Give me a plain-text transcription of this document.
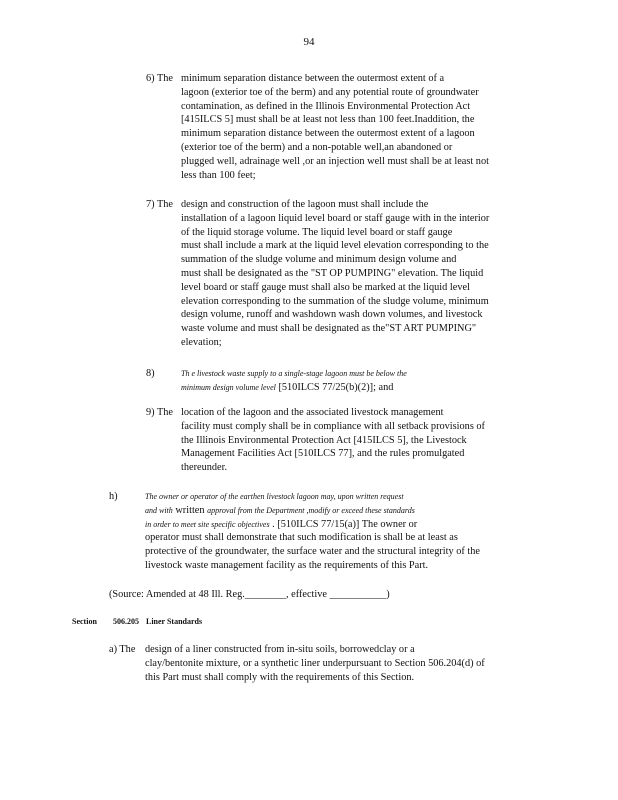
94
6) The minimum separation distance between the outermost extent of a
lagoon (exterior toe of the berm) and any potential route of groundwater
contamination, as defined in the Illinois Environmental Protection Act
[415ILCS 5] must shall be at least not less than 100 feet.Inaddition, the
minimum separation distance between the outermost extent of a lagoon
(exterior toe of the berm) and a non-potable well,an abandoned or
plugged well, adrainage well ,or an injection well must shall be at least not
less than 100 feet;
7) The design and construction of the lagoon must shall include the
installation of a lagoon liquid level board or staff gauge with in the interior
of the liquid storage volume. The liquid level board or staff gauge
must shall include a mark at the liquid level elevation corresponding to the
summation of the sludge volume and minimum design volume and
must shall be designated as the "ST OP PUMPING" elevation. The liquid
level board or staff gauge must shall also be marked at the liquid level
elevation corresponding to the summation of the sludge volume, minimum
design volume, runoff and washdown wash down volumes, and livestock
waste volume and must shall be designated as the"ST ART PUMPING"
elevation;
8)	Th e livestock waste supply to a single-stage lagoon must be below the
minimum design volume level [510ILCS 77/25(b)(2)]; and
9) The location of the lagoon and the associated livestock management
facility must comply shall be in compliance with all setback provisions of
the Illinois Environmental Protection Act [415ILCS 5], the Livestock
Management Facilities Act [510ILCS 77], and the rules promulgated
thereunder.
h)	The owner or operator of the earthen livestock lagoon may, upon written request
and with written approval from the Department ,modify or exceed these standards
in order to meet site specific objectives . [510ILCS 77/15(a)] The owner or
operator must shall demonstrate that such modification is shall be at least as
protective of the groundwater, the surface water and the structural integrity of the
livestock waste management facility as the requirements of this Part.
(Source: Amended at 48 Ill. Reg.________, effective ___________)
Section 506.205 Liner Standards
a) The design of a liner constructed from in-situ soils, borrowedclay or a
clay/bentonite mixture, or a synthetic liner underpursuant to Section 506.204(d) of
this Part must shall comply with the requirements of this Section.
